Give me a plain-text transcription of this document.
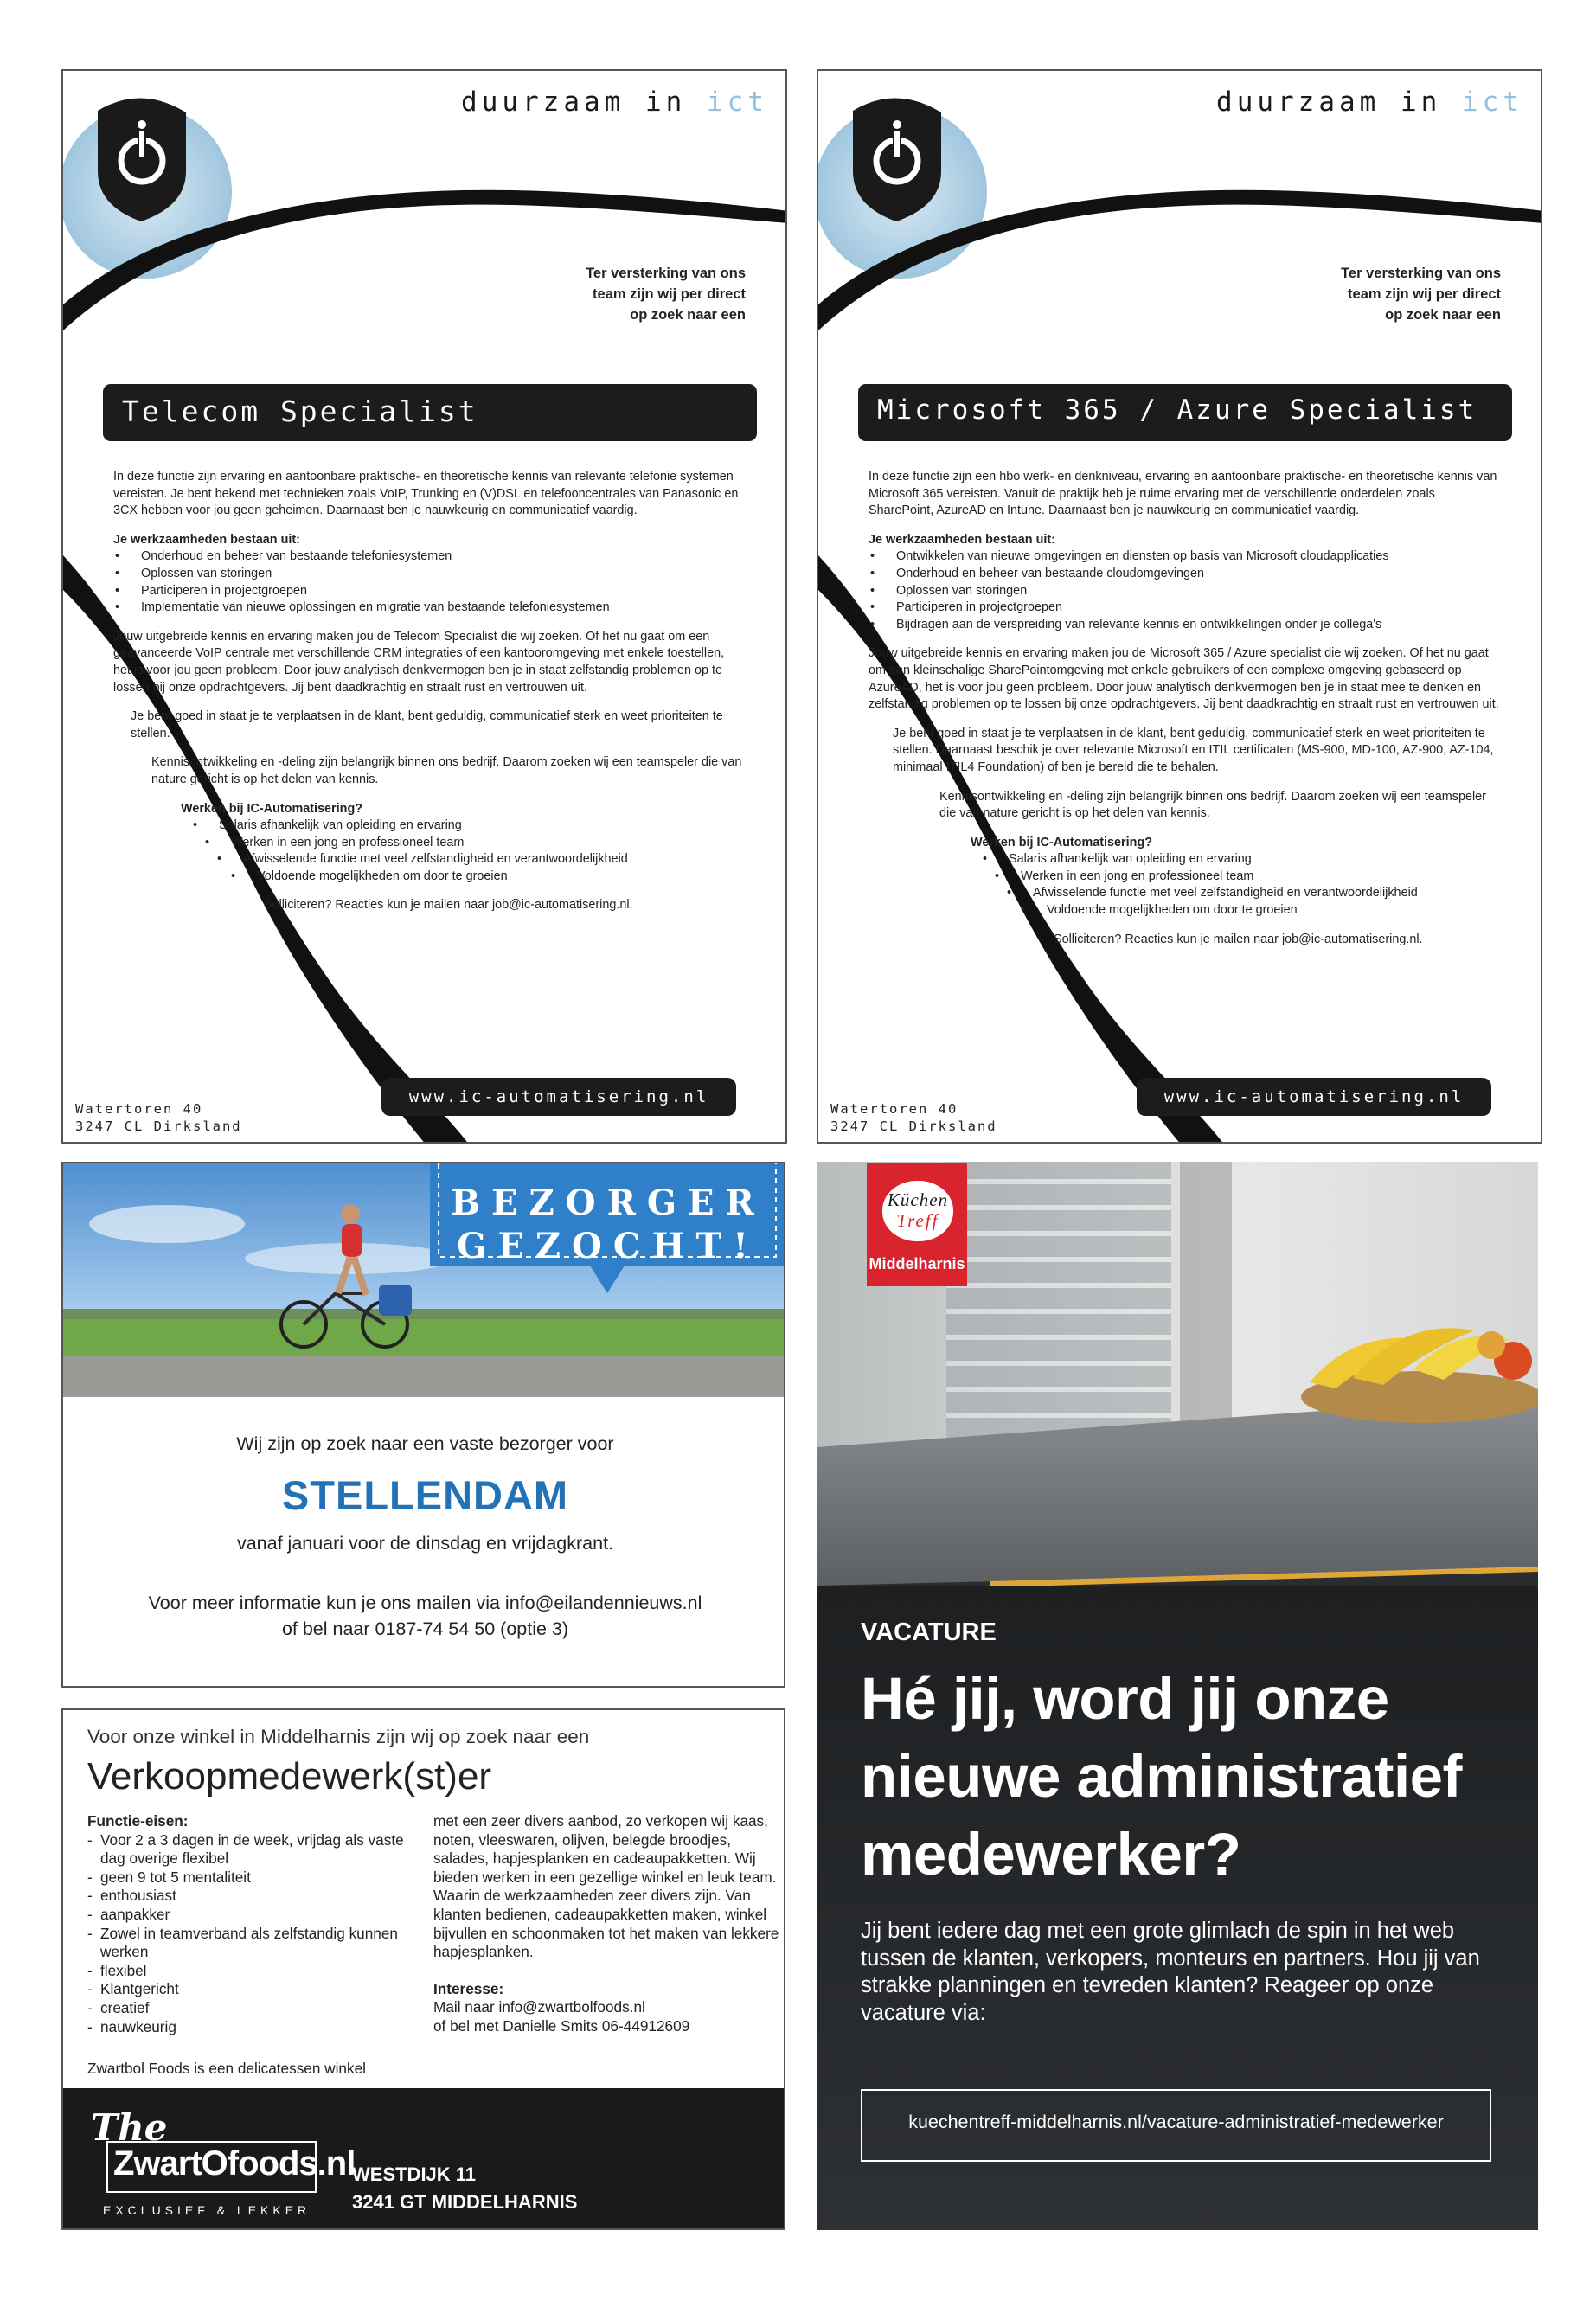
duurzaam in ict
Ter versterking van ons
team zijn wij per direct
op zoek naar een
Telecom Specialist

In deze functie zijn ervaring en aantoonbare praktische- en theoretische kennis van relevante telefonie systemen vereisten. Je bent bekend met technieken zoals VoIP, Trunking en (V)DSL en telefooncentrales van Panasonic en 3CX hebben voor jou geen geheimen. Daarnaast ben je nauwkeurig en communicatief vaardig.

Je werkzaamheden bestaan uit:

• Onderhoud en beheer van bestaande telefoniesystemen
• Oplossen van storingen
• Participeren in projectgroepen
• Implementatie van nieuwe oplossingen en migratie van bestaande telefoniesystemen

Jouw uitgebreide kennis en ervaring maken jou de Telecom Specialist die wij zoeken. Of het nu gaat om een geavanceerde VoIP centrale met verschillende CRM integraties of een kantooromgeving met enkele toestellen, het is voor jou geen probleem. Door jouw analytisch denkvermogen ben je in staat zelfstandig problemen op te lossen bij onze opdrachtgevers. Jij bent daadkrachtig en straalt rust en vertrouwen uit.

Je bent goed in staat je te verplaatsen in de klant, bent geduldig, communicatief sterk en weet prioriteiten te stellen.

Kennisontwikkeling en -deling zijn belangrijk binnen ons bedrijf. Daarom zoeken wij een teamspeler die van nature gericht is op het delen van kennis.

Werken bij IC-Automatisering?

• Salaris afhankelijk van opleiding en ervaring
• Werken in een jong en professioneel team
• Afwisselende functie met veel zelfstandigheid en verantwoordelijkheid
• Voldoende mogelijkheden om door te groeien

Solliciteren? Reacties kun je mailen naar job@ic-automatisering.nl.

www.ic-automatisering.nl
Watertoren 40
3247 CL Dirksland
duurzaam in ict
Ter versterking van ons
team zijn wij per direct
op zoek naar een
Microsoft 365 / Azure Specialist

In deze functie zijn een hbo werk- en denkniveau, ervaring en aantoonbare praktische- en theoretische kennis van Microsoft 365 vereisten. Vanuit de praktijk heb je ruime ervaring met de verschillende onderdelen zoals SharePoint, AzureAD en Intune. Daarnaast ben je nauwkeurig en communicatief vaardig.

Je werkzaamheden bestaan uit:

• Ontwikkelen van nieuwe omgevingen en diensten op basis van Microsoft cloudapplicaties
• Onderhoud en beheer van bestaande cloudomgevingen
• Oplossen van storingen
• Participeren in projectgroepen
• Bijdragen aan de verspreiding van relevante kennis en ontwikkelingen onder je collega's

Jouw uitgebreide kennis en ervaring maken jou de Microsoft 365 / Azure specialist die wij zoeken. Of het nu gaat om een kleinschalige SharePointomgeving met enkele gebruikers of een complexe omgeving gebaseerd op AzureAD, het is voor jou geen probleem. Door jouw analytisch denkvermogen ben je in staat mee te denken en zelfstandig problemen op te lossen bij onze opdrachtgevers. Jij bent daadkrachtig en straalt rust en vertrouwen uit.

Je bent goed in staat je te verplaatsen in de klant, bent geduldig, communicatief sterk en weet prioriteiten te stellen. Daarnaast beschik je over relevante Microsoft en ITIL certificaten (MS-900, MD-100, AZ-900, AZ-104, minimaal ITIL4 Foundation) of ben je bereid die te behalen.

Kennisontwikkeling en -deling zijn belangrijk binnen ons bedrijf. Daarom zoeken wij een teamspeler die van nature gericht is op het delen van kennis.

Werken bij IC-Automatisering?

• Salaris afhankelijk van opleiding en ervaring
• Werken in een jong en professioneel team
• Afwisselende functie met veel zelfstandigheid en verantwoordelijkheid
• Voldoende mogelijkheden om door te groeien

Solliciteren? Reacties kun je mailen naar job@ic-automatisering.nl.

www.ic-automatisering.nl
Watertoren 40
3247 CL Dirksland
BEZORGER
GEZOCHT!
Wij zijn op zoek naar een vaste bezorger voor
STELLENDAM
vanaf januari voor de dinsdag en vrijdagkrant.
Voor meer informatie kun je ons mailen via info@eilandennieuws.nl
of bel naar 0187-74 54 50 (optie 3)
Voor onze winkel in Middelharnis zijn wij op zoek naar een
Verkoopmedewerk(st)er
Functie-eisen:
- Voor 2 a 3 dagen in de week, vrijdag als vaste dag overige flexibel
- geen 9 tot 5 mentaliteit
- enthousiast
- aanpakker
- Zowel in teamverband als zelfstandig kunnen werken
- flexibel
- Klantgericht
- creatief
- nauwkeurig
Zwartbol Foods is een delicatessen winkel
met een zeer divers aanbod, zo verkopen wij kaas, noten, vleeswaren, olijven, belegde broodjes, salades, hapjesplanken en cadeaupakketten. Wij bieden werken in een gezellige winkel en leuk team. Waarin de werkzaamheden zeer divers zijn. Van klanten bedienen, cadeaupakketten maken, winkel bijvullen en schoonmaken tot het maken van lekkere hapjesplanken.
Interesse:
Mail naar info@zwartbolfoods.nl
of bel met Danielle Smits 06-44912609
The
ZwartOfoods.nl
EXCLUSIEF & LEKKER
WESTDIJK 11
3241 GT MIDDELHARNIS
Küchen
Treff
Middelharnis
VACATURE
Hé jij, word jij onze
nieuwe administratief
medewerker?
Jij bent iedere dag met een grote glimlach de spin in het web tussen de klanten, verkopers, monteurs en partners. Hou jij van strakke planningen en tevreden klanten? Reageer op onze vacature via:
kuechentreff-middelharnis.nl/vacature-administratief-medewerker
